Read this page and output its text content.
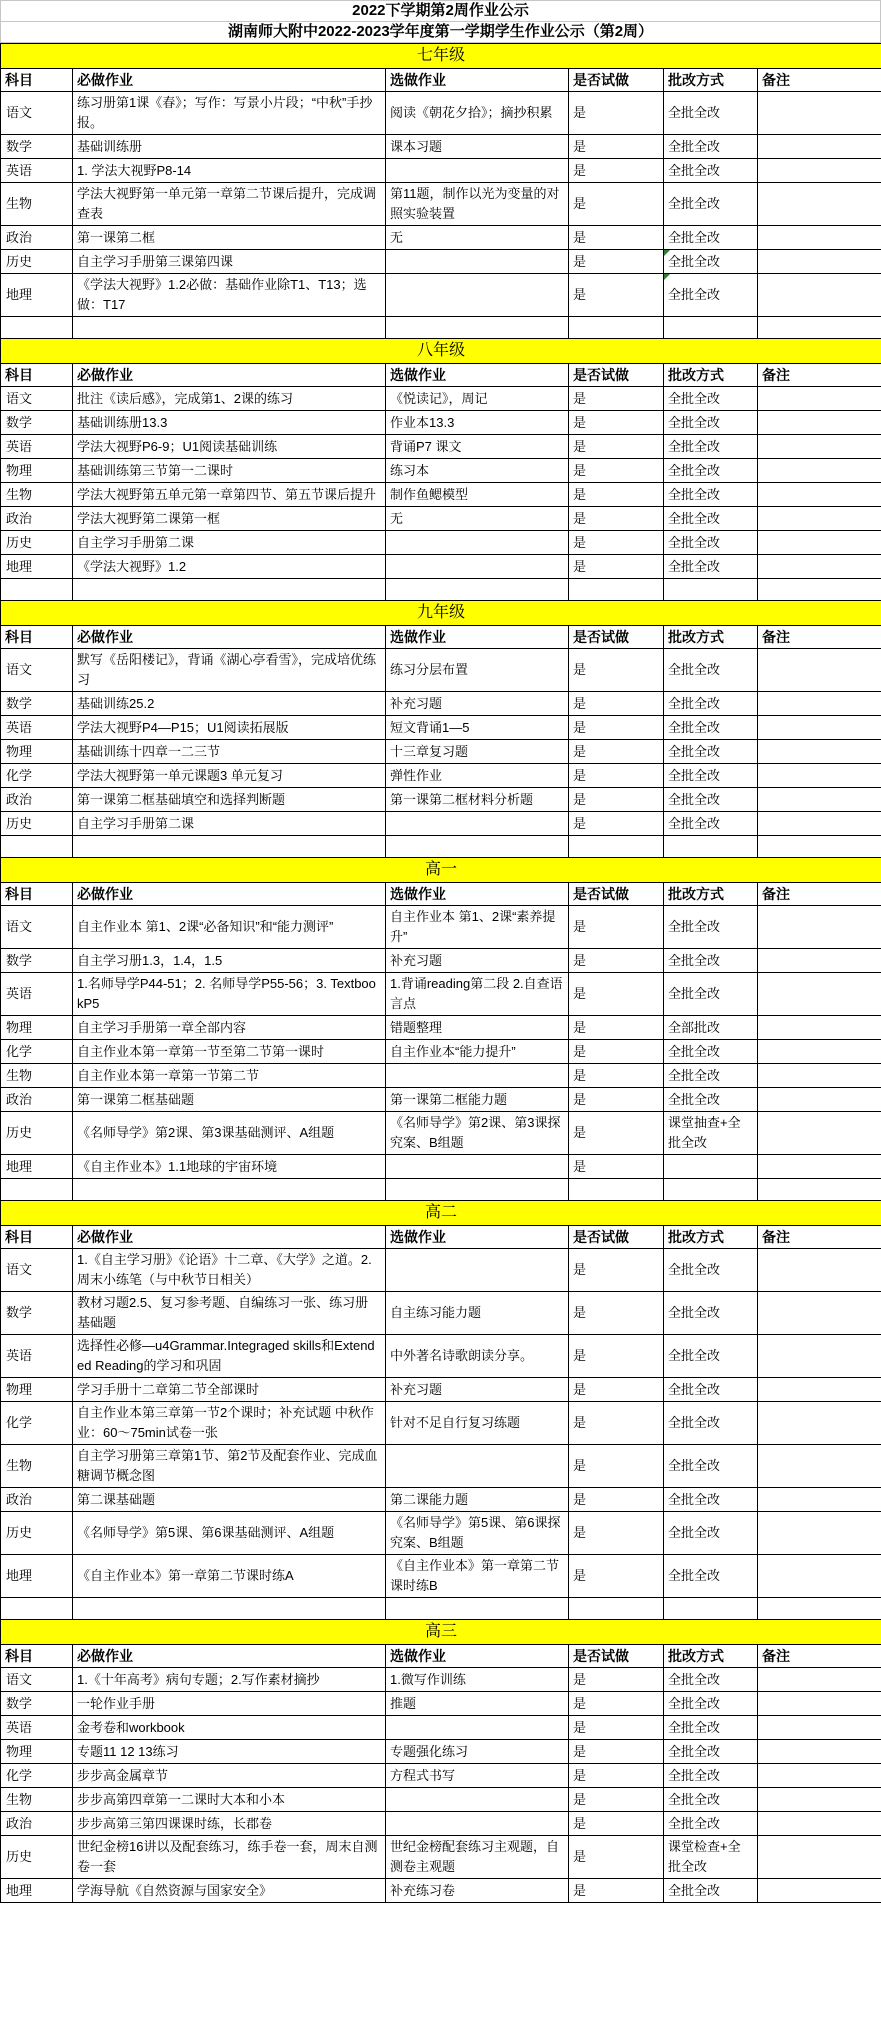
2022下学期第2周作业公示
湖南师大附中2022-2023学年度第一学期学生作业公示（第2周）
七年级					
科目	必做作业	选做作业	是否试做	批改方式	备注
语文	练习册第1课《春》；写作：写景小片段；“中秋”手抄报。	阅读《朝花夕拾》；摘抄积累	是	全批全改	
数学	基础训练册	课本习题	是	全批全改	
英语	1. 学法大视野P8-14		是	全批全改	
生物	学法大视野第一单元第一章第二节课后提升，完成调查表	第11题，制作以光为变量的对照实验装置	是	全批全改	
政治	第一课第二框	无	是	全批全改	
历史	自主学习手册第三课第四课		是	全批全改	
地理	《学法大视野》1.2必做：基础作业除T1、T13；选做：T17		是	全批全改	

八年级					
科目	必做作业	选做作业	是否试做	批改方式	备注
语文	批注《读后感》，完成第1、2课的练习	《悦读记》，周记	是	全批全改	
数学	基础训练册13.3	作业本13.3	是	全批全改	
英语	学法大视野P6-9；U1阅读基础训练	背诵P7 课文	是	全批全改	
物理	基础训练第三节第一二课时	练习本	是	全批全改	
生物	学法大视野第五单元第一章第四节、第五节课后提升	制作鱼鳃模型	是	全批全改	
政治	学法大视野第二课第一框	无	是	全批全改	
历史	自主学习手册第二课		是	全批全改	
地理	《学法大视野》1.2		是	全批全改	

九年级					
科目	必做作业	选做作业	是否试做	批改方式	备注
语文	默写《岳阳楼记》，背诵《湖心亭看雪》，完成培优练习	练习分层布置	是	全批全改	
数学	基础训练25.2	补充习题	是	全批全改	
英语	学法大视野P4—P15；U1阅读拓展版	短文背诵1—5	是	全批全改	
物理	基础训练十四章一二三节	十三章复习题	是	全批全改	
化学	学法大视野第一单元课题3 单元复习	弹性作业	是	全批全改	
政治	第一课第二框基础填空和选择判断题	第一课第二框材料分析题	是	全批全改	
历史	自主学习手册第二课		是	全批全改	

高一					
科目	必做作业	选做作业	是否试做	批改方式	备注
语文	自主作业本 第1、2课“必备知识”和“能力测评”	自主作业本 第1、2课“素养提升”	是	全批全改	
数学	自主学习册1.3，1.4，1.5	补充习题	是	全批全改	
英语	1.名师导学P44-51；2. 名师导学P55-56；3. TextbookP5	1.背诵reading第二段 2.自查语言点	是	全批全改	
物理	自主学习手册第一章全部内容	错题整理	是	全部批改	
化学	自主作业本第一章第一节至第二节第一课时	自主作业本“能力提升”	是	全批全改	
生物	自主作业本第一章第一节第二节		是	全批全改	
政治	第一课第二框基础题	第一课第二框能力题	是	全批全改	
历史	《名师导学》第2课、第3课基础测评、A组题	《名师导学》第2课、第3课探究案、B组题	是	课堂抽查+全批全改	
地理	《自主作业本》1.1地球的宇宙环境		是		

高二					
科目	必做作业	选做作业	是否试做	批改方式	备注
语文	1.《自主学习册》《论语》十二章、《大学》之道。2.周末小练笔（与中秋节日相关）		是	全批全改	
数学	教材习题2.5、复习参考题、自编练习一张、练习册基础题	自主练习能力题	是	全批全改	
英语	选择性必修—u4Grammar.Integraged skills和Extended Reading的学习和巩固	中外著名诗歌朗读分享。	是	全批全改	
物理	学习手册十二章第二节全部课时	补充习题	是	全批全改	
化学	自主作业本第三章第一节2个课时；补充试题 中秋作业：60～75min试卷一张	针对不足自行复习练题	是	全批全改	
生物	自主学习册第三章第1节、第2节及配套作业、完成血糖调节概念图		是	全批全改	
政治	第二课基础题	第二课能力题	是	全批全改	
历史	《名师导学》第5课、第6课基础测评、A组题	《名师导学》第5课、第6课探究案、B组题	是	全批全改	
地理	《自主作业本》第一章第二节课时练A	《自主作业本》第一章第二节课时练B	是	全批全改	

高三					
科目	必做作业	选做作业	是否试做	批改方式	备注
语文	1.《十年高考》病句专题；2.写作素材摘抄	1.微写作训练	是	全批全改	
数学	一轮作业手册	推题	是	全批全改	
英语	金考卷和workbook		是	全批全改	
物理	专题11 12 13练习	专题强化练习	是	全批全改	
化学	步步高金属章节	方程式书写	是	全批全改	
生物	步步高第四章第一二课时大本和小本		是	全批全改	
政治	步步高第三第四课课时练，长郡卷		是	全批全改	
历史	世纪金榜16讲以及配套练习，练手卷一套，周末自测卷一套	世纪金榜配套练习主观题，自测卷主观题	是	课堂检查+全批全改	
地理	学海导航《自然资源与国家安全》	补充练习卷	是	全批全改	
